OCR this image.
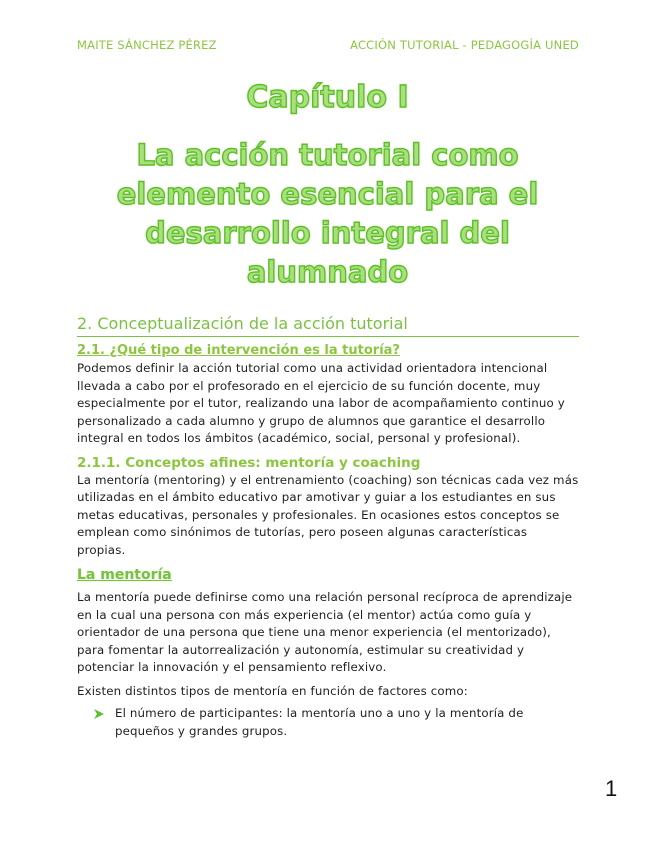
MAITE SÁNCHEZ PÉREZ	ACCIÓN TUTORIAL - PEDAGOGÍA UNED
Capítulo I
La acción tutorial como elemento esencial para el desarrollo integral del alumnado
2. Conceptualización de la acción tutorial
2.1. ¿Qué tipo de intervención es la tutoría?

Podemos definir la acción tutorial como una actividad orientadora intencional llevada a cabo por el profesorado en el ejercicio de su función docente, muy especialmente por el tutor, realizando una labor de acompañamiento continuo y personalizado a cada alumno y grupo de alumnos que garantice el desarrollo integral en todos los ámbitos (académico, social, personal y profesional).

2.1.1. Conceptos afines: mentoría y coaching

La mentoría (mentoring) y el entrenamiento (coaching) son técnicas cada vez más utilizadas en el ámbito educativo par amotivar y guiar a los estudiantes en sus metas educativas, personales y profesionales. En ocasiones estos conceptos se emplean como sinónimos de tutorías, pero poseen algunas características propias.

La mentoría

La mentoría puede definirse como una relación personal recíproca de aprendizaje en la cual una persona con más experiencia (el mentor) actúa como guía y orientador de una persona que tiene una menor experiencia (el mentorizado), para fomentar la autorrealización y autonomía, estimular su creatividad y potenciar la innovación y el pensamiento reflexivo.

Existen distintos tipos de mentoría en función de factores como:

El número de participantes: la mentoría uno a uno y la mentoría de pequeños y grandes grupos.

1
